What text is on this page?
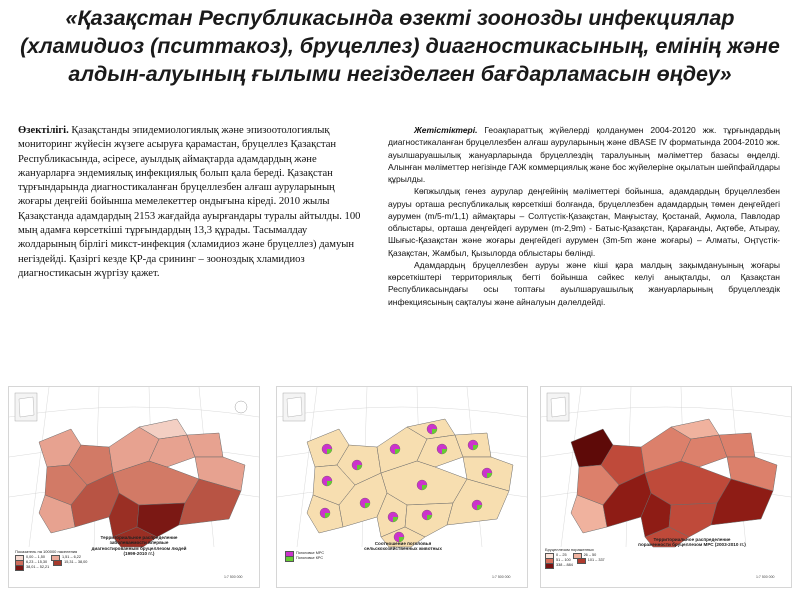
«Қазақстан Республикасында өзекті зоонозды инфекциялар (хламидиоз (пситтакоз), бруцеллез) диагностикасының, емінің және алдын-алуының ғылыми негізделген бағдарламасын өңдеу»

Өзектілігі. Қазақстанды эпидемиологиялық және эпизоотологиялық мониторинг жүйесін жүзеге асыруға қарамастан, бруцеллез Қазақстан Республикасында, әсіресе, ауылдық аймақтарда адамдардың және жануарларға эндемиялық инфекциялық болып қала береді. Қазақстан тұрғындарында диагностикаланған бруцеллезбен алғаш ауруларының жоғары деңгейі бойынша мемелекеттер ондығына кіреді. 2010 жылы Қазақстанда адамдардың 2153 жағдайда ауырғандары туралы айтылды. 100 мың адамға көрсеткіші тұрғындардың 13,3 құрады. Тасымалдау жолдарының бірлігі микст-инфекция (хламидиоз және бруцеллез) дамуын негіздейді. Қазіргі кезде ҚР-да срининг – зооноздық хламидиоз диагностикасын жүргізу қажет.

Жетістіктері. Геоақпараттық жүйелерді қолданумен 2004-20120 жж. тұрғындардың диагностикаланған бруцеллезбен алғаш ауруларының және dBASE IV форматында 2004-2010 жж. ауылшаруашылық жануарларында бруцеллездің таралуының мәліметтер базасы өңделді. Алынған мәліметтер негізінде ГАЖ коммерциялық және бос жүйелеріне оқылатын шейпфайлдары құрылды.

Көпжылдық генез аурулар деңгейінің мәліметтері бойынша, адамдардың бруцеллезбен ауруы орташа республикалық көрсеткіші болғанда, бруцеллезбен адамдардың төмен деңгейдегі аурумен (m/5-m/1,1) аймақтары – Солтүстік-Қазақстан, Маңғыстау, Қостанай, Ақмола, Павлодар облыстары, орташа деңгейдегі аурумен (m-2,9m) - Батыс-Қазақстан, Қарағанды, Ақтөбе, Атырау, Шығыс-Қазақстан және жоғары деңгейдегі аурумен (3m-5m және жоғары) – Алматы, Оңтүстік-Қазақстан, Жамбыл, Қызылорда облыстары бөлінді.

Адамдардың бруцеллезбен ауруы және кіші қара малдың зақымдануының жоғары көрсеткіштері территориялық бегті бойынша сәйкес келуі анықталды, ол Қазақстан Республикасындағы осы топтағы ауылшаруашылық жануарларының бруцеллездік инфекциясының сақталуы және айналуын дәлелдейді.

Территориальное распределение заболеваемости впервые диагностированным бруцеллезом людей (1999-2010 гг.)
Показатель на 100000 населения
0,00 – 1,50	1,51 – 6,22
6,23 – 15,30	15,31 – 38,00
38,01 – 52,21
1:7 500 000
Соотношение поголовья сельскохозяйственных животных
Поголовье МРС
Поголовье КРС
1:7 500 000
Территориальное распределение пораженности бруцеллезом МРС (2003-2010 гг.)
Бруцеллезом пораженных
0 – 25	26 – 50
51 – 100	101 – 337
338 – 884
1:7 500 000
